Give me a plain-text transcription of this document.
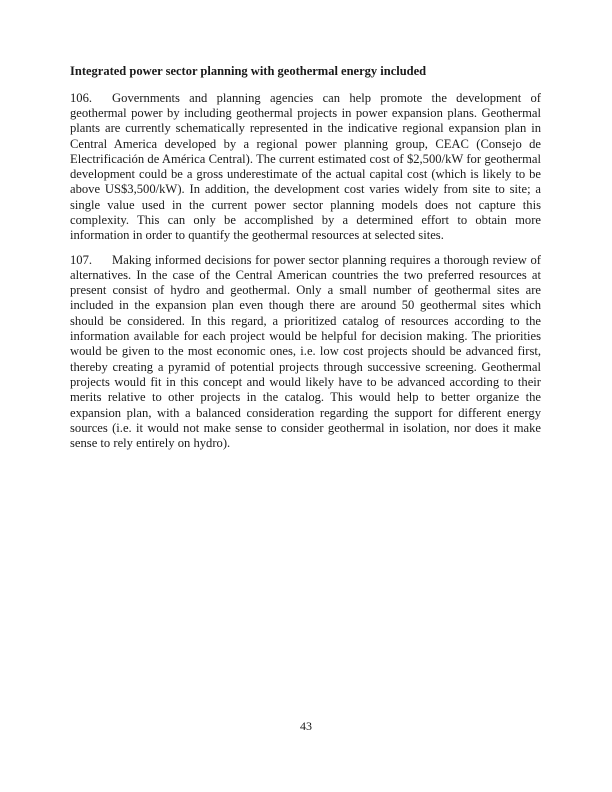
Integrated power sector planning with geothermal energy included

106. Governments and planning agencies can help promote the development of geothermal power by including geothermal projects in power expansion plans. Geothermal plants are currently schematically represented in the indicative regional expansion plan in Central America developed by a regional power planning group, CEAC (Consejo de Electrificación de América Central). The current estimated cost of $2,500/kW for geothermal development could be a gross underestimate of the actual capital cost (which is likely to be above US$3,500/kW). In addition, the development cost varies widely from site to site; a single value used in the current power sector planning models does not capture this complexity. This can only be accomplished by a determined effort to obtain more information in order to quantify the geothermal resources at selected sites.

107. Making informed decisions for power sector planning requires a thorough review of alternatives. In the case of the Central American countries the two preferred resources at present consist of hydro and geothermal. Only a small number of geothermal sites are included in the expansion plan even though there are around 50 geothermal sites which should be considered. In this regard, a prioritized catalog of resources according to the information available for each project would be helpful for decision making. The priorities would be given to the most economic ones, i.e. low cost projects should be advanced first, thereby creating a pyramid of potential projects through successive screening. Geothermal projects would fit in this concept and would likely have to be advanced according to their merits relative to other projects in the catalog. This would help to better organize the expansion plan, with a balanced consideration regarding the support for different energy sources (i.e. it would not make sense to consider geothermal in isolation, nor does it make sense to rely entirely on hydro).

43
